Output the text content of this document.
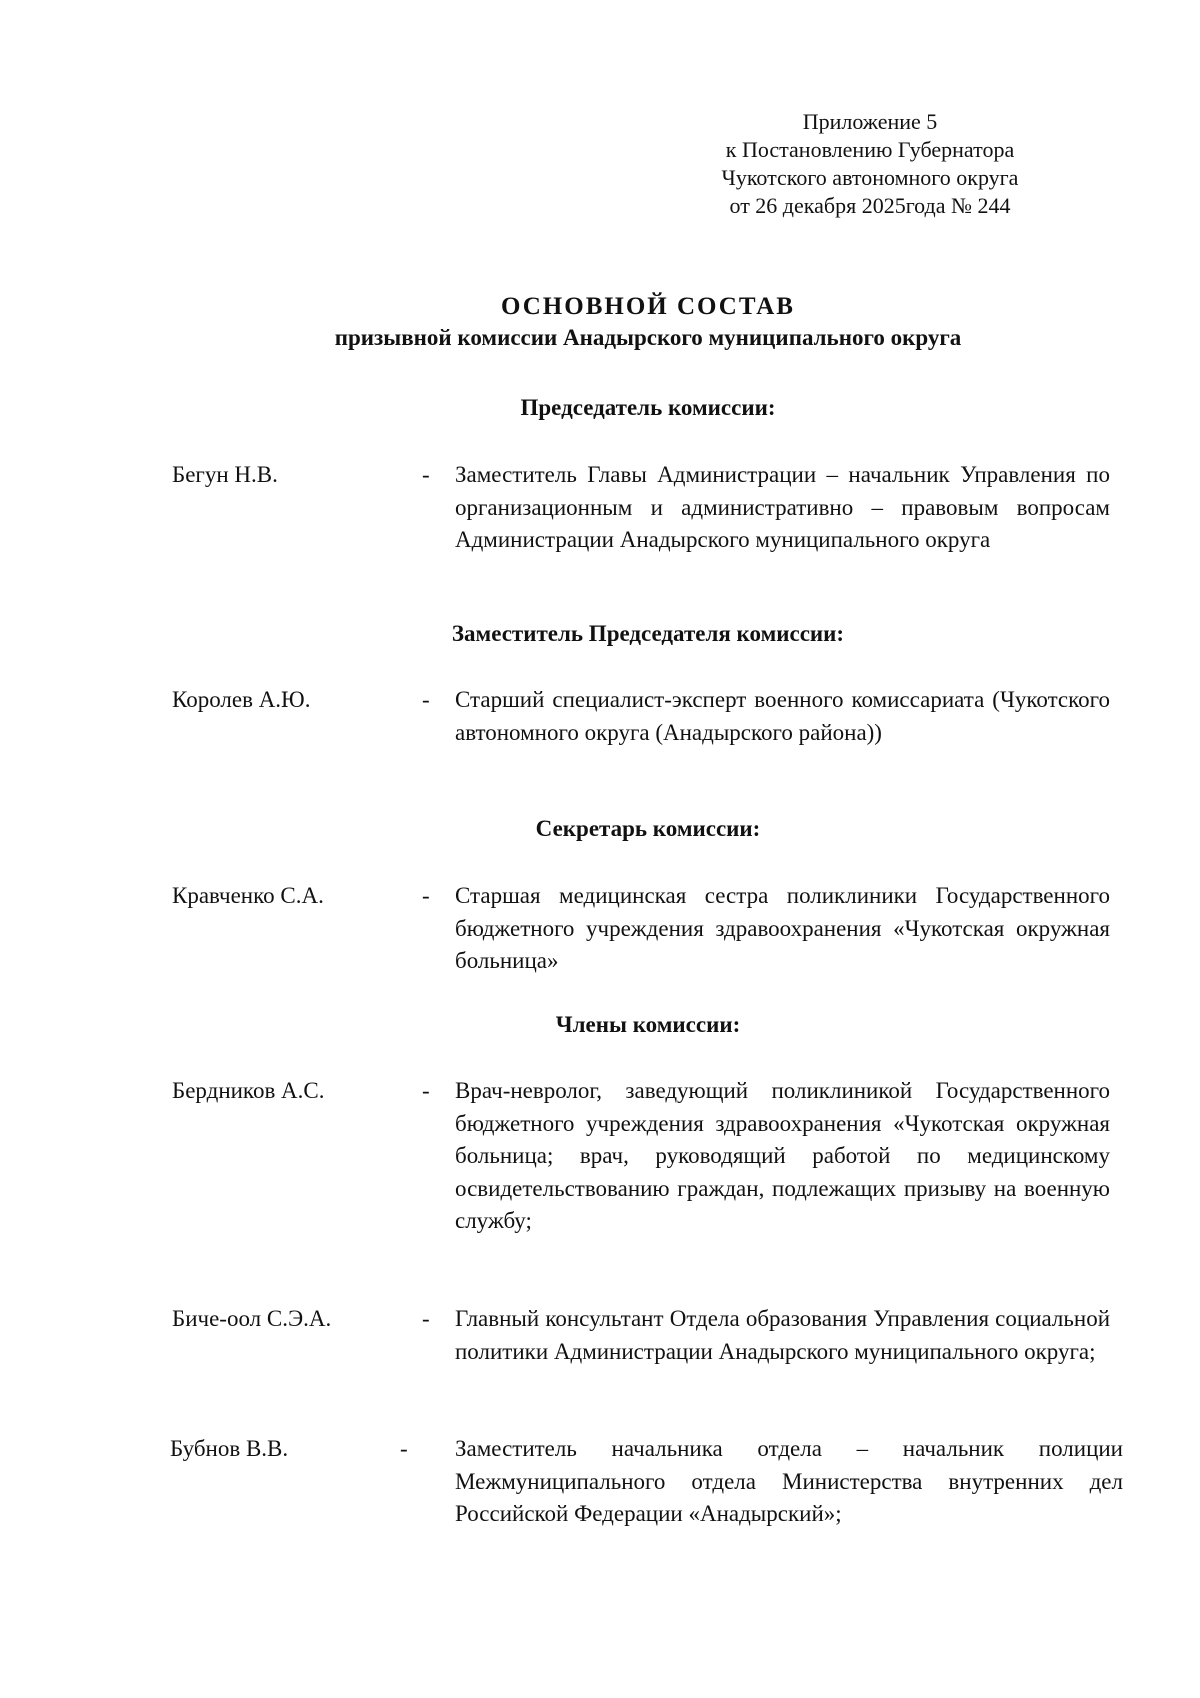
Приложение 5
к Постановлению Губернатора
Чукотского автономного округа
от 26 декабря 2025года № 244
ОСНОВНОЙ СОСТАВ
призывной комиссии Анадырского муниципального округа
Председатель комиссии:
Бегун Н.В.	- Заместитель Главы Администрации – начальник Управления по организационным и административно – правовым вопросам Администрации Анадырского муниципального округа
Заместитель Председателя комиссии:
Королев А.Ю.	- Старший специалист-эксперт военного комиссариата (Чукотского автономного округа (Анадырского района))
Секретарь комиссии:
Кравченко С.А.	- Старшая медицинская сестра поликлиники Государственного бюджетного учреждения здравоохранения «Чукотская окружная больница»
Члены комиссии:
Бердников А.С.	- Врач-невролог, заведующий поликлиникой Государственного бюджетного учреждения здравоохранения «Чукотская окружная больница; врач, руководящий работой по медицинскому освидетельствованию граждан, подлежащих призыву на военную службу;
Биче-оол С.Э.А.	- Главный консультант Отдела образования Управления социальной политики Администрации Анадырского муниципального округа;
Бубнов В.В.	- Заместитель начальника отдела – начальник полиции Межмуниципального отдела Министерства внутренних дел Российской Федерации «Анадырский»;
